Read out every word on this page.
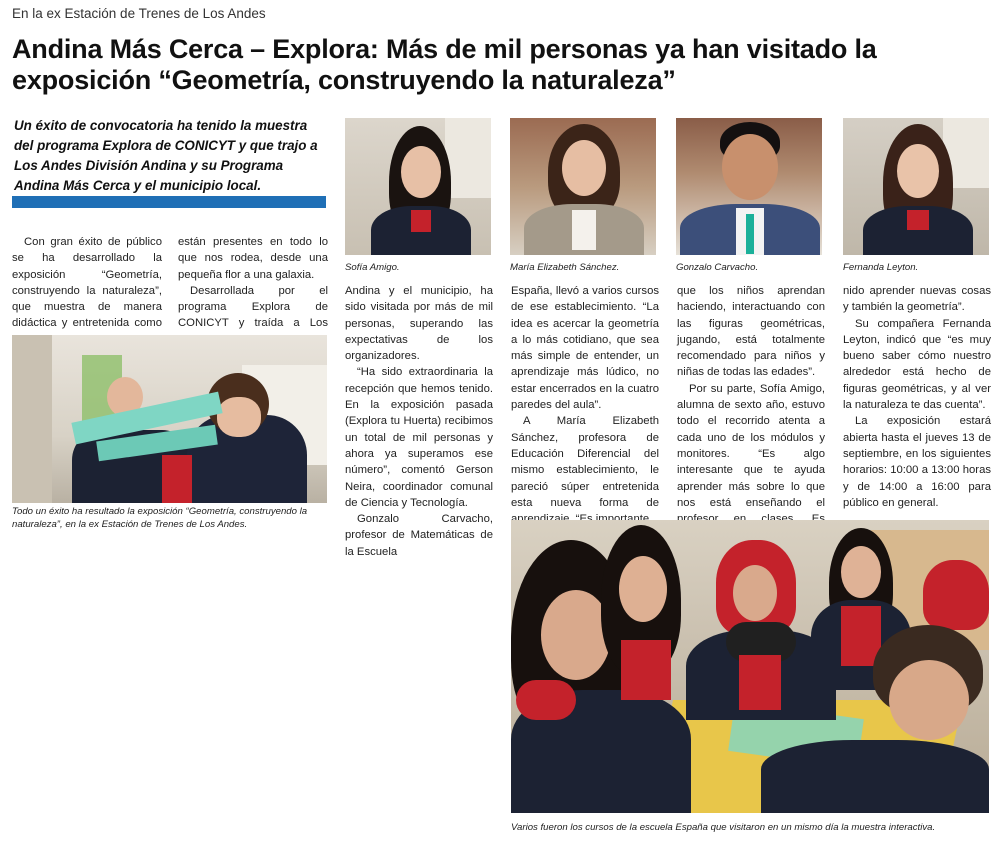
En la ex Estación de Trenes de Los Andes
Andina Más Cerca – Explora: Más de mil personas ya han visitado la exposición “Geometría, construyendo la naturaleza”
Un éxito de convocatoria ha tenido la muestra del programa Explora de CONICYT y que trajo a Los Andes División Andina y su Programa Andina Más Cerca y el municipio local.

Con gran éxito de público se ha desarrollado la exposición “Geometría, construyendo la naturaleza”, que muestra de manera didáctica y entretenida como

están presentes en todo lo que nos rodea, desde una pequeña flor a una galaxia.

Desarrollada por el programa Explora de CONICYT y traída a Los

Todo un éxito ha resultado la exposición “Geometría, construyendo la naturaleza”, en la ex Estación de Trenes de Los Andes.
Sofía Amigo.	María Elizabeth Sánchez.	Gonzalo Carvacho.	Fernanda Leyton.

Andina y el municipio, ha sido visitada por más de mil personas, superando las expectativas de los organizadores.

“Ha sido extraordinaria la recepción que hemos tenido. En la exposición pasada (Explora tu Huerta) recibimos un total de mil personas y ahora ya superamos ese número”, comentó Gerson Neira, coordinador comunal de Ciencia y Tecnología.

Gonzalo Carvacho, profesor de Matemáticas de la Escuela

España, llevó a varios cursos de ese establecimiento. “La idea es acercar la geometría a lo más cotidiano, que sea más simple de entender, un aprendizaje más lúdico, no estar encerrados en la cuatro paredes del aula”.

A María Elizabeth Sánchez, profesora de Educación Diferencial del mismo establecimiento, le pareció súper entretenida esta nueva forma de

que los niños aprendan haciendo, interactuando con las figuras geométricas, jugando, está totalmente recomendado para niños y niñas de todas las edades”.

Por su parte, Sofía Amigo, alumna de sexto año, estuvo todo el recorrido atenta a cada uno de los módulos y monitores. “Es algo interesante que te ayuda aprender más sobre lo que nos está enseñando el

nido aprender nuevas cosas y también la geometría”.

Su compañera Fernanda Leyton, indicó que “es muy bueno saber cómo nuestro alrededor está hecho de figuras geométricas, y al ver la naturaleza te das cuenta”.

La exposición estará abierta hasta el jueves 13 de septiembre, en los siguientes horarios: 10:00 a 13:00 horas y de 14:00 a 16:00 para público en general.

Varios fueron los cursos de la escuela España que visitaron en un mismo día la muestra interactiva.
